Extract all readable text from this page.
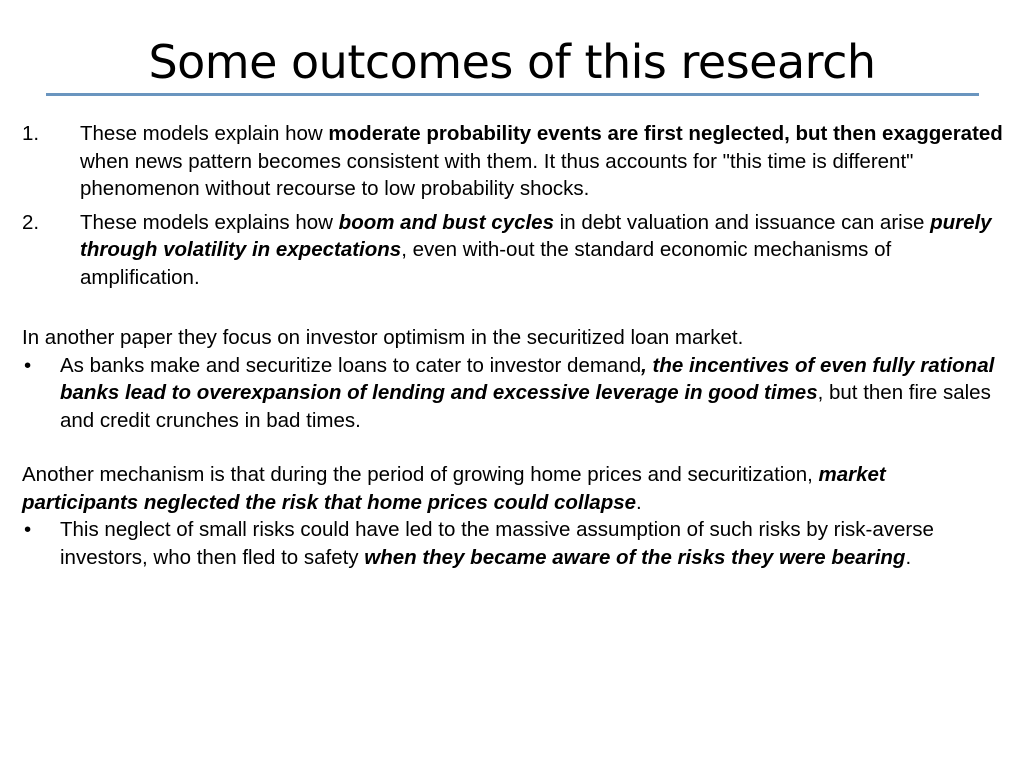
Some outcomes of this research
1. These models explain how moderate probability events are first neglected, but then exaggerated when news pattern becomes consistent with them. It thus accounts for "this time is different" phenomenon without recourse to low probability shocks.
2. These models explains how boom and bust cycles in debt valuation and issuance can arise purely through volatility in expectations, even with-out the standard economic mechanisms of amplification.

In another paper they focus on investor optimism in the securitized loan market.

• As banks make and securitize loans to cater to investor demand, the incentives of even fully rational banks lead to overexpansion of lending and excessive leverage in good times, but then fire sales and credit crunches in bad times.

Another mechanism is that during the period of growing home prices and securitization, market participants neglected the risk that home prices could collapse.

• This neglect of small risks could have led to the massive assumption of such risks by risk-averse investors, who then fled to safety when they became aware of the risks they were bearing.
